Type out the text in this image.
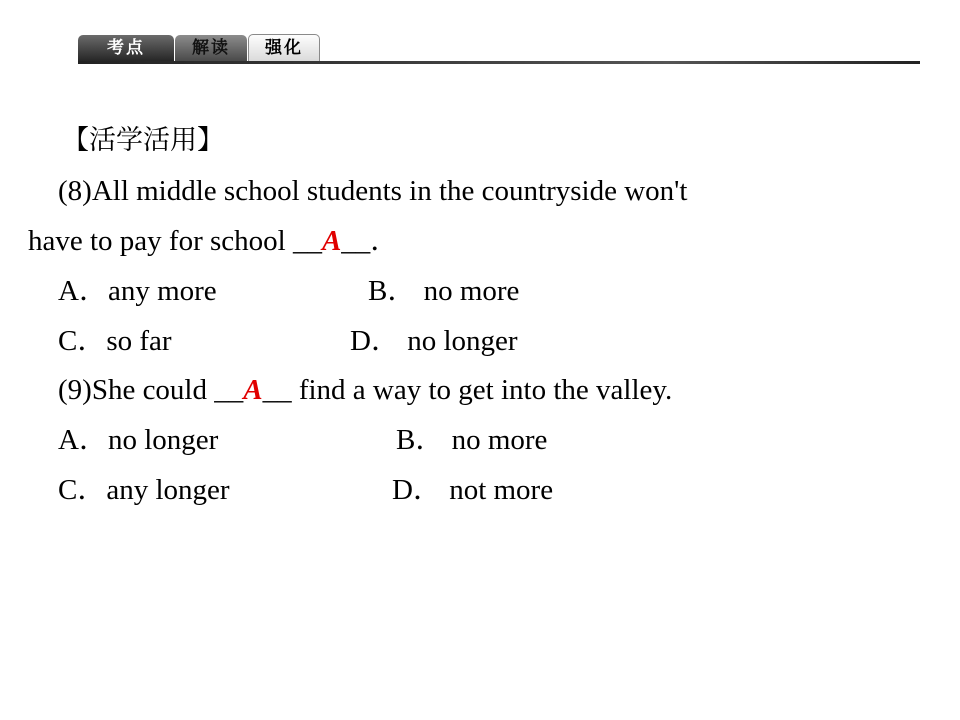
考点	解读	强化
【活学活用】
(8)All middle school students in the countryside won't
have to pay for school __A__．
A．any more	B． no more
C．so far	D． no longer
(9)She could __A__ find a way to get into the valley.
A．no longer	B． no more
C．any longer	D． not more
